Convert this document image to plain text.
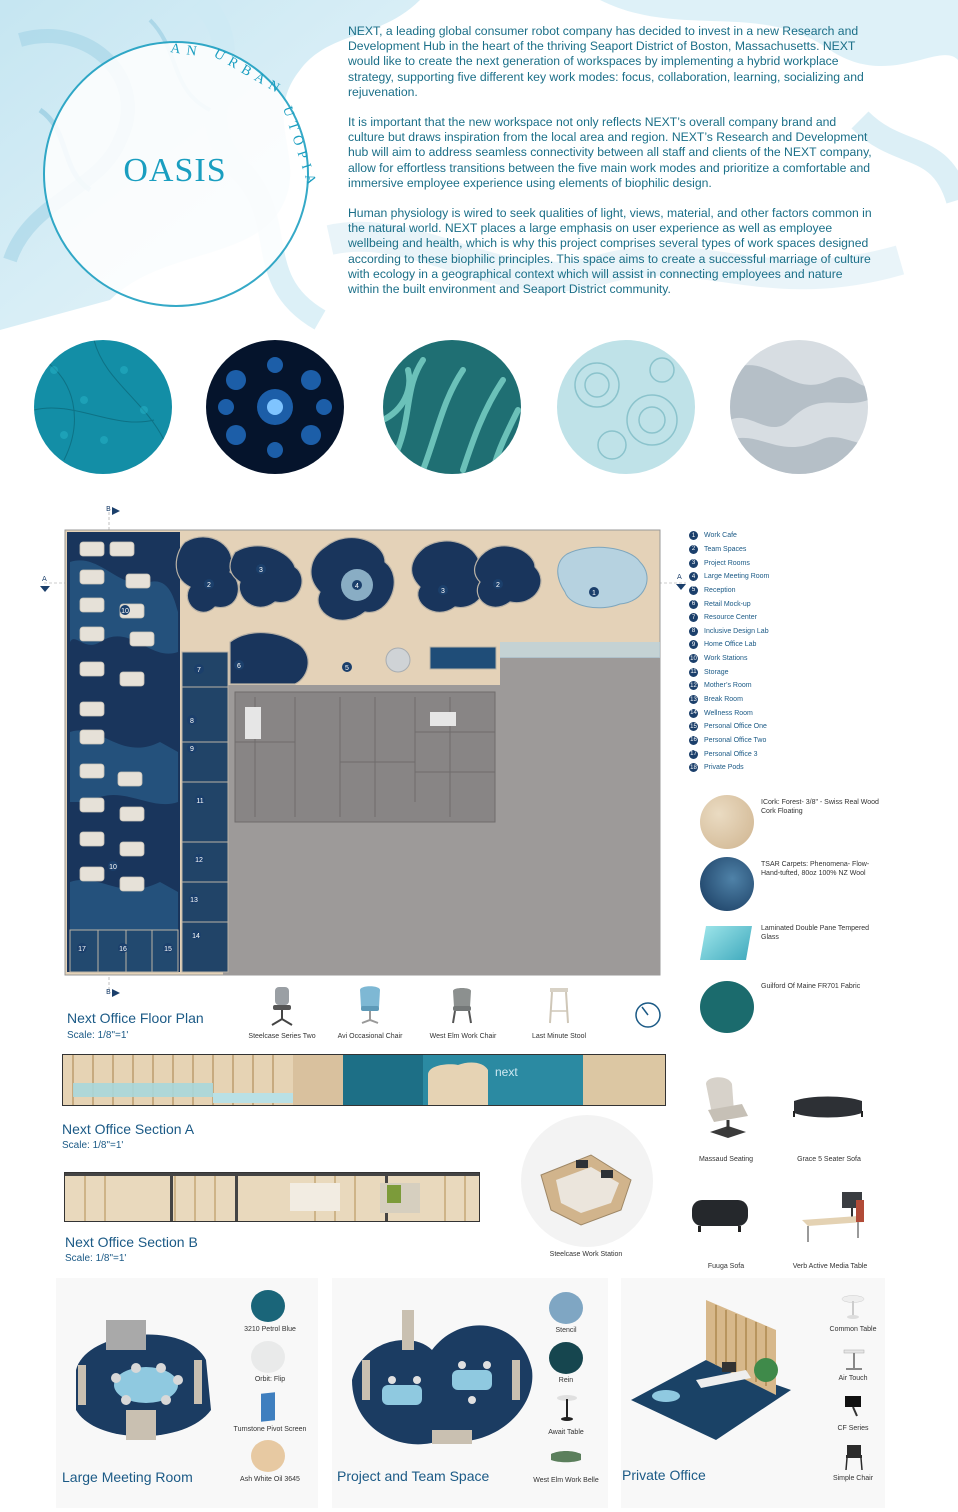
AN URBAN
UTOPIA
OASIS

NEXT, a leading global consumer robot company has decided to invest in a new Research and Development Hub in the heart of the thriving Seaport District of Boston, Massachusetts. NEXT would like to create the next generation of workspaces by implementing a hybrid workplace strategy, supporting five different key work modes: focus, collaboration, learning, socializing and rejuvenation.

It is important that the new workspace not only reflects NEXT’s overall company brand and culture but draws inspiration from the local area and region. NEXT’s Research and Development hub will aim to address seamless connectivity between all staff and clients of the NEXT company, allow for effortless transitions between the five main work modes and prioritize a comfortable and immersive employee experience using elements of biophilic design.

Human physiology is wired to seek qualities of light, views, material, and other factors common in the natural world. NEXT places a large emphasis on user experience as well as employee wellbeing and health, which is why this project comprises several types of work spaces designed according to these biophilic principles. This space aims to create a successful marriage of culture with ecology in a geographical context which will assist in connecting employees and nature within the built environment and Seaport District community.

1
2	2
3
3
4
5
6
7
8
9
10
11
12
13
14
15
16
17
10
A	A
B
B
1	Work Cafe
2	Team Spaces
3	Project Rooms
4	Large Meeting Room
5	Reception
6	Retail Mock-up
7	Resource Center
8	Inclusive Design Lab
9	Home Office Lab
10 Work Stations
11 Storage
12 Mother’s Room
13 Break Room
14 Wellness Room
15 Personal Office One
16 Personal Office Two
17 Personal Office 3
18 Private Pods
ICork: Forest- 3/8" - Swiss Real Wood Cork Floating
TSAR Carpets: Phenomena- Flow- Hand-tufted, 80oz 100% NZ Wool
Laminated Double Pane Tempered Glass
Guilford Of Maine FR701 Fabric
Next Office Floor Plan
Scale: 1/8"=1'	Steelcase Series Two	Avi Occasional Chair	West Elm Work Chair	Last Minute Stool
next
Next Office Section A
Scale: 1/8"=1'
Next Office Section B
Scale: 1/8"=1'	Steelcase Work Station
Massaud Seating	Grace 5 Seater Sofa
Fuuga Sofa	Verb Active Media Table
3210 Petrol Blue
Orbit: Flip
Turnstone Pivot Screen
Ash White Oil 3645
Large Meeting Room
Stencil
Rein
Await Table
West Elm Work Belle
Project and Team Space
Common Table
Air Touch
CF Series
Simple Chair
Private Office
